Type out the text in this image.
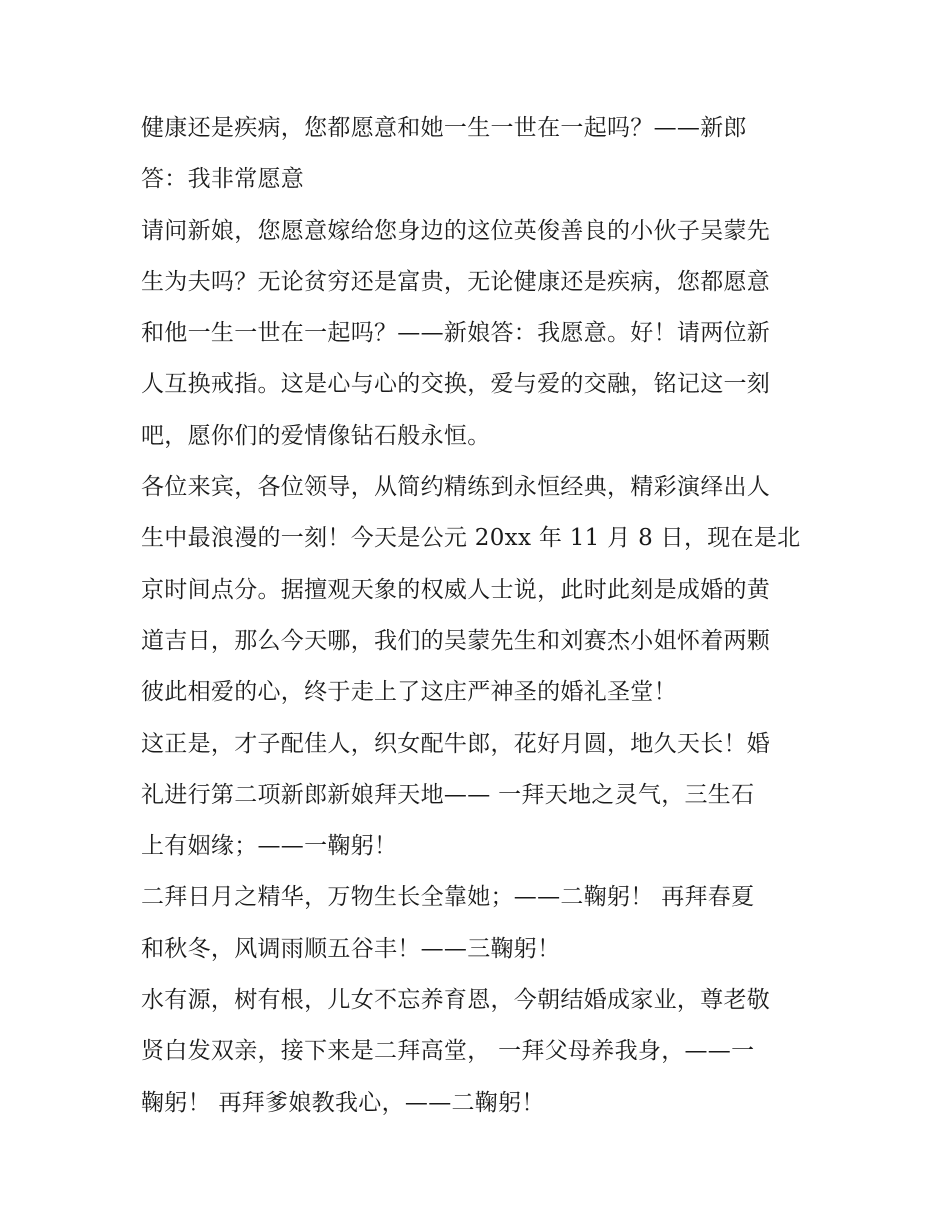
健康还是疾病，您都愿意和她一生一世在一起吗？——新郎
答：我非常愿意
请问新娘，您愿意嫁给您身边的这位英俊善良的小伙子吴蒙先
生为夫吗？无论贫穷还是富贵，无论健康还是疾病，您都愿意
和他一生一世在一起吗？——新娘答：我愿意。好！请两位新
人互换戒指。这是心与心的交换，爱与爱的交融，铭记这一刻
吧，愿你们的爱情像钻石般永恒。
各位来宾，各位领导，从简约精练到永恒经典，精彩演绎出人
生中最浪漫的一刻！今天是公元 20xx 年 11 月 8 日，现在是北
京时间点分。据擅观天象的权威人士说，此时此刻是成婚的黄
道吉日，那么今天哪，我们的吴蒙先生和刘赛杰小姐怀着两颗
彼此相爱的心，终于走上了这庄严神圣的婚礼圣堂！
这正是，才子配佳人，织女配牛郎，花好月圆，地久天长！婚
礼进行第二项新郎新娘拜天地—— 一拜天地之灵气，三生石
上有姻缘；——一鞠躬！
二拜日月之精华，万物生长全靠她；——二鞠躬！ 再拜春夏
和秋冬，风调雨顺五谷丰！——三鞠躬！
水有源，树有根，儿女不忘养育恩，今朝结婚成家业，尊老敬
贤白发双亲，接下来是二拜高堂， 一拜父母养我身，——一
鞠躬！ 再拜爹娘教我心，——二鞠躬！
